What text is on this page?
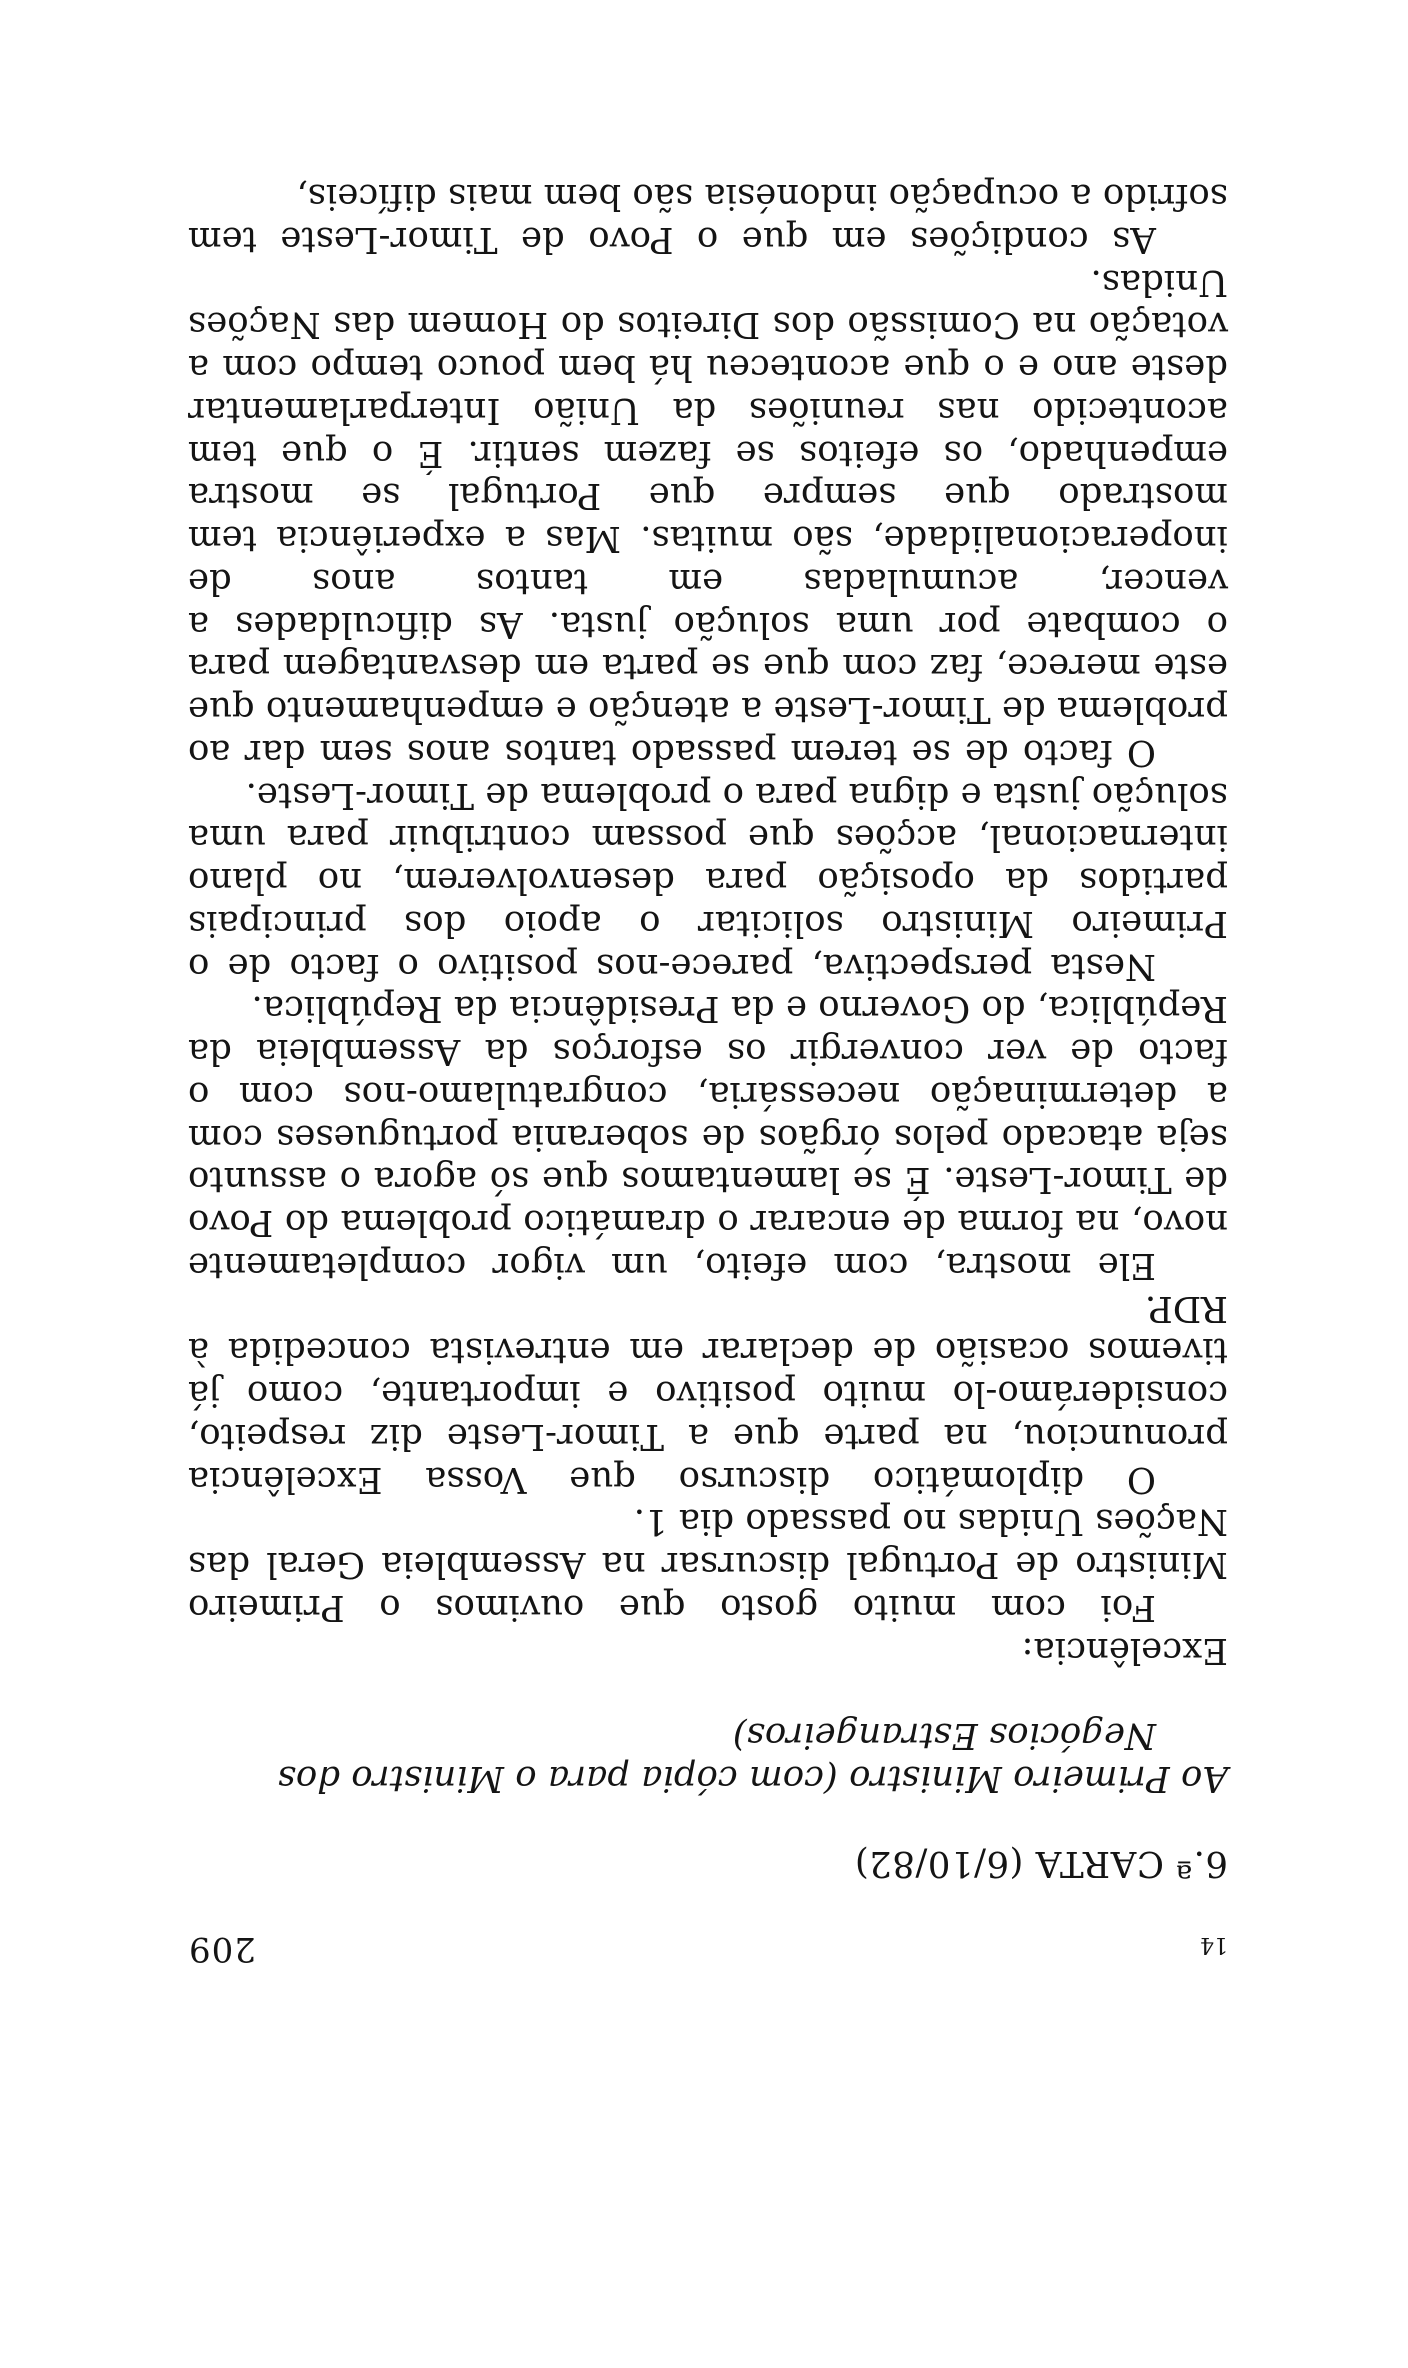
14
209

6.ª CARTA (6/10/82)

Ao Primeiro Ministro (com cópia para o Ministro dos
Negócios Estrangeiros)

Excelência:

Foi com muito gosto que ouvimos o Primeiro Ministro de Portugal discursar na Assembleia Geral das Nações Unidas no passado dia 1.

O diplomático discurso que Vossa Excelência pronunciou, na parte que a Timor-Leste diz respeito, considerámo-lo muito positivo e importante, como já tivemos ocasião de declarar em entrevista concedida à RDP.

Ele mostra, com efeito, um vigor completamente novo, na forma de encarar o dramático problema do Povo de Timor-Leste. É se lamentamos que só agora o assunto seja atacado pelos órgãos de soberania portugueses com a determinação necessária, congratulamo-nos com o facto de ver convergir os esforços da Assembleia da República, do Governo e da Presidência da República.

Nesta perspectiva, parece-nos positivo o facto de o Primeiro Ministro solicitar o apoio dos principais partidos da oposição para desenvolverem, no plano internacional, acções que possam contribuir para uma solução justa e digna para o problema de Timor-Leste.

O facto de se terem passado tantos anos sem dar ao problema de Timor-Leste a atenção e empenhamento que este merece, faz com que se parta em desvantagem para o combate por uma solução justa. As dificuldades a vencer, acumuladas em tantos anos de inoperacionalidade, são muitas. Mas a experiência tem mostrado que sempre que Portugal se mostra empenhado, os efeitos se fazem sentir. É o que tem acontecido nas reuniões da União Interparlamentar deste ano e o que aconteceu há bem pouco tempo com a votação na Comissão dos Direitos do Homem das Nações Unidas.

As condições em que o Povo de Timor-Leste tem sofrido a ocupação indonésia são bem mais difíceis,
